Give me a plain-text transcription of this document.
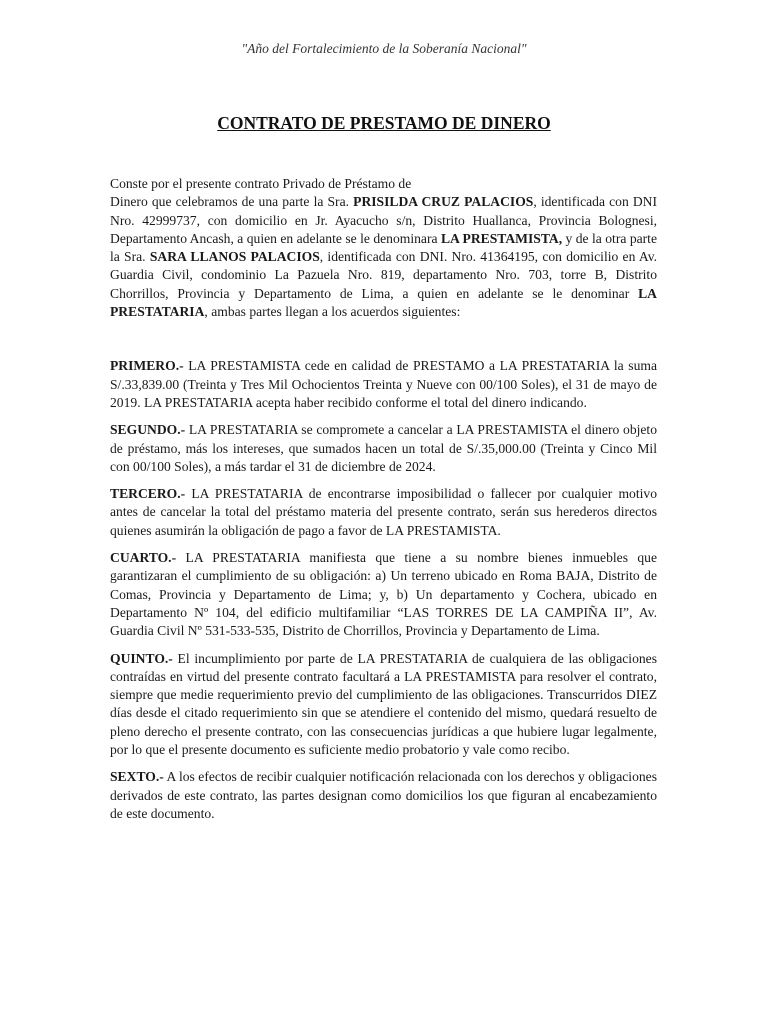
"Año del Fortalecimiento de la Soberanía Nacional"
CONTRATO DE PRESTAMO DE DINERO

Conste por el presente contrato Privado de Préstamo de

Dinero que celebramos de una parte la Sra. PRISILDA CRUZ PALACIOS, identificada con DNI Nro. 42999737, con domicilio en Jr. Ayacucho s/n, Distrito Huallanca, Provincia Bolognesi, Departamento Ancash, a quien en adelante se le denominara LA PRESTAMISTA, y de la otra parte la Sra. SARA LLANOS PALACIOS, identificada con DNI. Nro. 41364195, con domicilio en Av. Guardia Civil, condominio La Pazuela Nro. 819, departamento Nro. 703, torre B, Distrito Chorrillos, Provincia y Departamento de Lima, a quien en adelante se le denominar LA PRESTATARIA, ambas partes llegan a los acuerdos siguientes:

PRIMERO.- LA PRESTAMISTA cede en calidad de PRESTAMO a LA PRESTATARIA la suma S/.33,839.00 (Treinta y Tres Mil Ochocientos Treinta y Nueve con 00/100 Soles), el 31 de mayo de 2019. LA PRESTATARIA acepta haber recibido conforme el total del dinero indicando.

SEGUNDO.- LA PRESTATARIA se compromete a cancelar a LA PRESTAMISTA el dinero objeto de préstamo, más los intereses, que sumados hacen un total de S/.35,000.00 (Treinta y Cinco Mil con 00/100 Soles), a más tardar el 31 de diciembre de 2024.

TERCERO.- LA PRESTATARIA de encontrarse imposibilidad o fallecer por cualquier motivo antes de cancelar la total del préstamo materia del presente contrato, serán sus herederos directos quienes asumirán la obligación de pago a favor de LA PRESTAMISTA.

CUARTO.- LA PRESTATARIA manifiesta que tiene a su nombre bienes inmuebles que garantizaran el cumplimiento de su obligación: a) Un terreno ubicado en Roma BAJA, Distrito de Comas, Provincia y Departamento de Lima; y, b) Un departamento y Cochera, ubicado en Departamento Nº 104, del edificio multifamiliar “LAS TORRES DE LA CAMPIÑA II”, Av. Guardia Civil Nº 531-533-535, Distrito de Chorrillos, Provincia y Departamento de Lima.

QUINTO.- El incumplimiento por parte de LA PRESTATARIA de cualquiera de las obligaciones contraídas en virtud del presente contrato facultará a LA PRESTAMISTA para resolver el contrato, siempre que medie requerimiento previo del cumplimiento de las obligaciones. Transcurridos DIEZ días desde el citado requerimiento sin que se atendiere el contenido del mismo, quedará resuelto de pleno derecho el presente contrato, con las consecuencias jurídicas a que hubiere lugar legalmente, por lo que el presente documento es suficiente medio probatorio y vale como recibo.

SEXTO.- A los efectos de recibir cualquier notificación relacionada con los derechos y obligaciones derivados de este contrato, las partes designan como domicilios los que figuran al encabezamiento de este documento.
